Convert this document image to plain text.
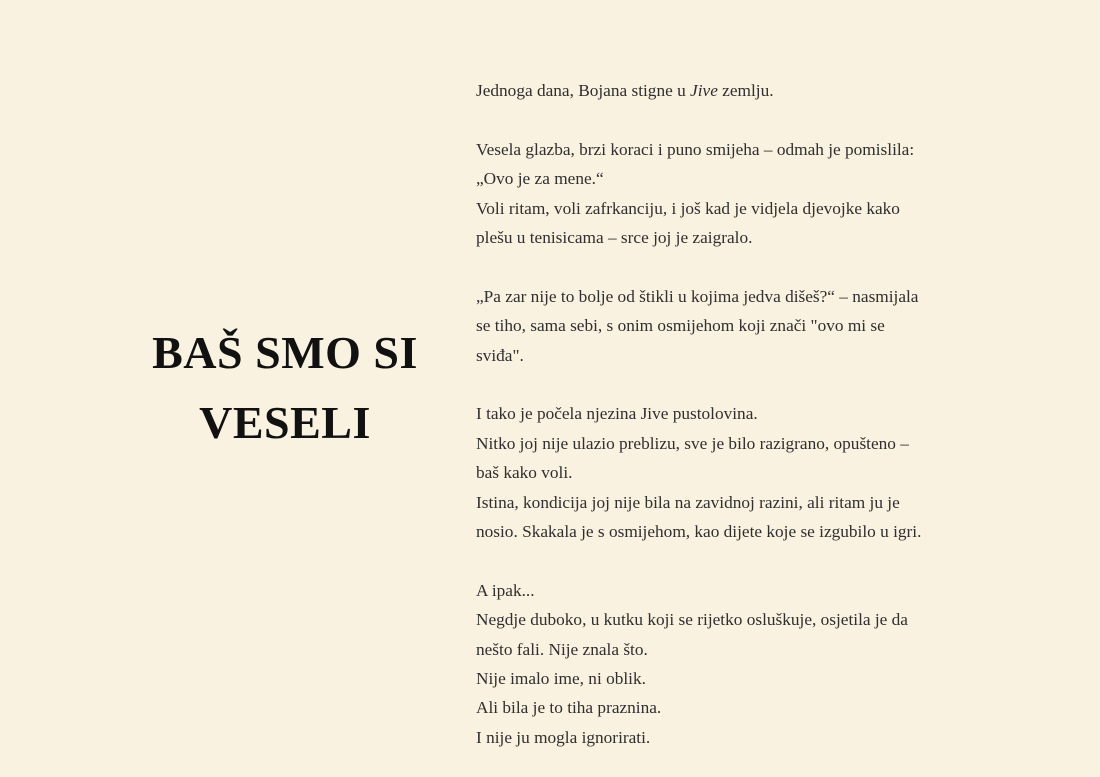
BAŠ SMO SI
VESELI
Jednoga dana, Bojana stigne u Jive zemlju.
Vesela glazba, brzi koraci i puno smijeha – odmah je pomislila:
„Ovo je za mene.“
Voli ritam, voli zafrkanciju, i još kad je vidjela djevojke kako
plešu u tenisicama – srce joj je zaigralo.
„Pa zar nije to bolje od štikli u kojima jedva dišeš?“ – nasmijala
se tiho, sama sebi, s onim osmijehom koji znači "ovo mi se
sviđa".
I tako je počela njezina Jive pustolovina.
Nitko joj nije ulazio preblizu, sve je bilo razigrano, opušteno –
baš kako voli.
Istina, kondicija joj nije bila na zavidnoj razini, ali ritam ju je
nosio. Skakala je s osmijehom, kao dijete koje se izgubilo u igri.
A ipak...
Negdje duboko, u kutku koji se rijetko osluškuje, osjetila je da
nešto fali. Nije znala što.
Nije imalo ime, ni oblik.
Ali bila je to tiha praznina.
I nije ju mogla ignorirati.
